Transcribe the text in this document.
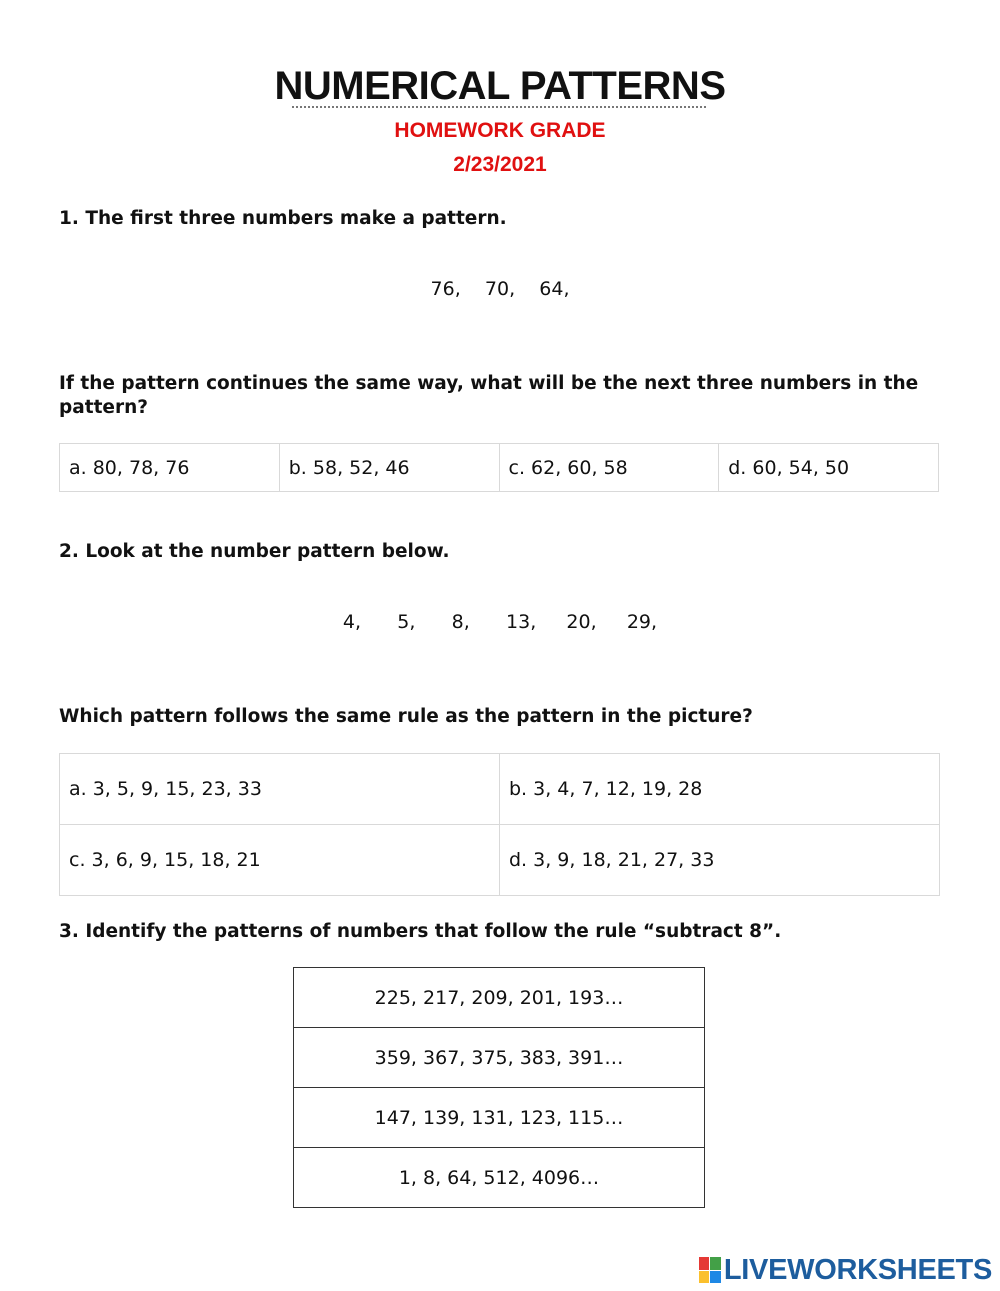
NUMERICAL PATTERNS
HOMEWORK GRADE
2/23/2021
1. The first three numbers make a pattern.
76,    70,    64,
If the pattern continues the same way, what will be the next three numbers in the pattern?
a. 80, 78, 76	b. 58, 52, 46	c. 62, 60, 58	d. 60, 54, 50
2. Look at the number pattern below.
4,      5,      8,      13,     20,     29,
Which pattern follows the same rule as the pattern in the picture?
a. 3, 5, 9, 15, 23, 33	b. 3, 4, 7, 12, 19, 28
c. 3, 6, 9, 15, 18, 21	d. 3, 9, 18, 21, 27, 33
3. Identify the patterns of numbers that follow the rule “subtract 8”.
225, 217, 209, 201, 193…
359, 367, 375, 383, 391…
147, 139, 131, 123, 115…
1, 8, 64, 512, 4096…
LIVEWORKSHEETS
